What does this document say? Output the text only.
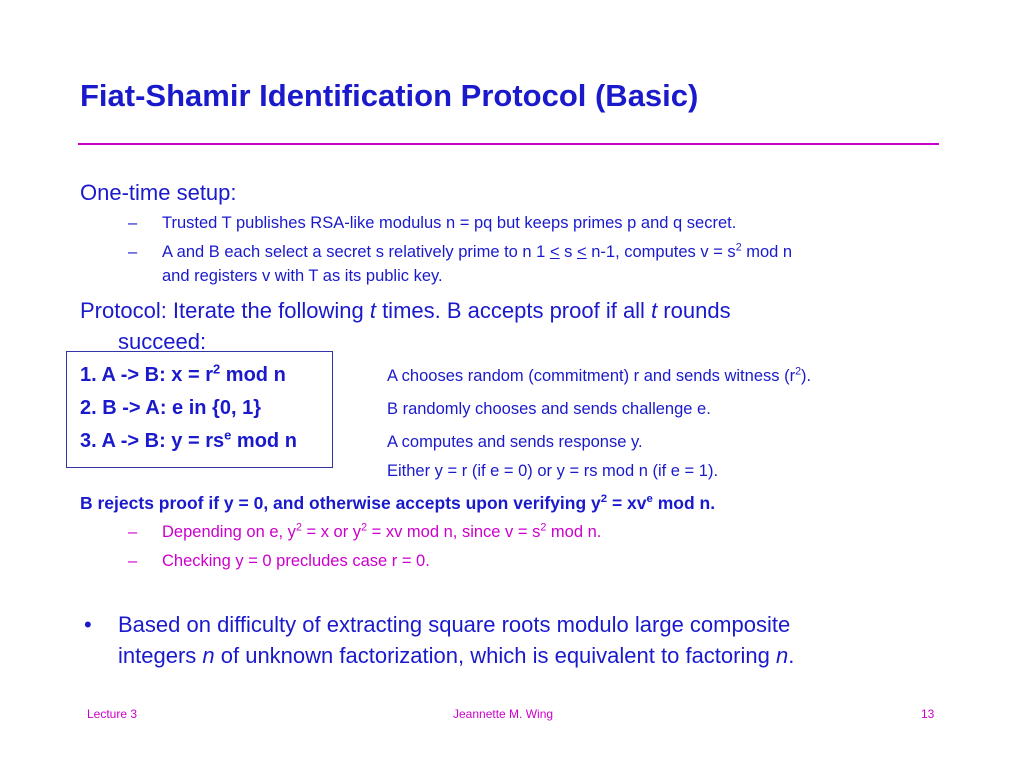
Fiat-Shamir Identification Protocol (Basic)
One-time setup:
– Trusted T publishes RSA-like modulus n = pq but keeps primes p and q secret.
– A and B each select a secret s relatively prime to n 1 < s < n-1, computes $v = s^2$ mod n
and registers v with T as its public key.
Protocol: Iterate the following t times. B accepts proof if all t rounds
succeed:
1. A -> B: $x = r^2$ mod n	A chooses random (commitment) r and sends witness $(r^2)$.
2. B -> A: e in {0, 1}	B randomly chooses and sends challenge e.
3. A -> B: $y = rs^e$ mod n	A computes and sends response y.
Either y = r (if e = 0) or y = rs mod n (if e = 1).
B rejects proof if y = 0, and otherwise accepts upon verifying $y^2 = xv^e$ mod n.
– Depending on e, $y^2 = x$ or $y^2$ = xv mod n, since $v = s^2$ mod n.
– Checking y = 0 precludes case r = 0.
• Based on difficulty of extracting square roots modulo large composite
integers n of unknown factorization, which is equivalent to factoring n.
Lecture 3	Jeannette M. Wing	13
